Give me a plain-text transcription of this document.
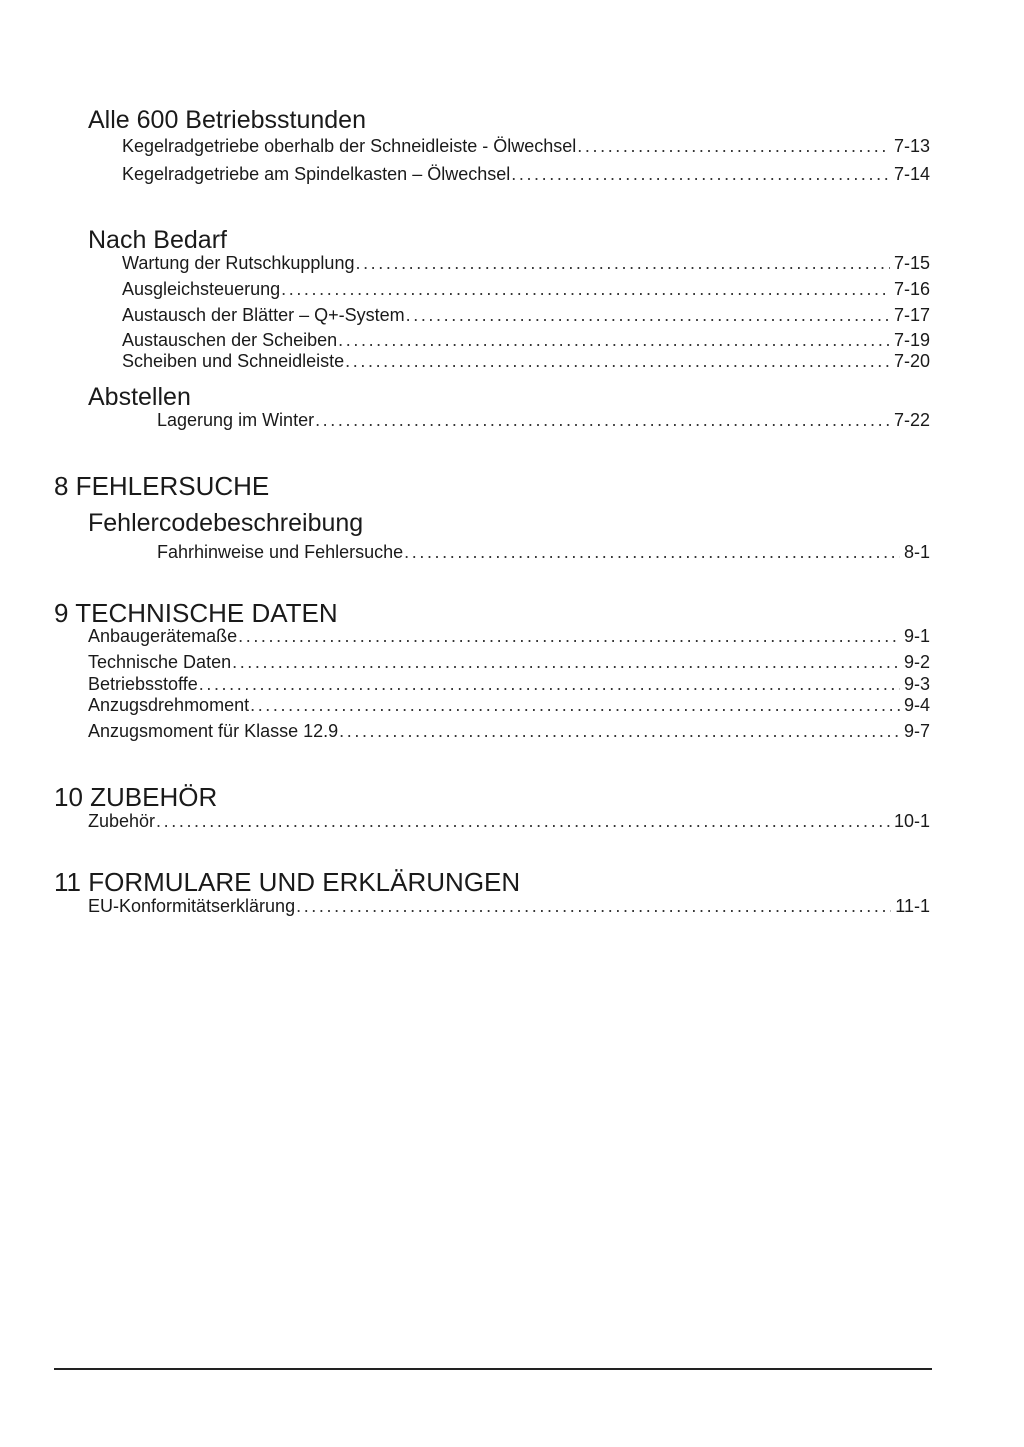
Alle 600 Betriebsstunden
Kegelradgetriebe oberhalb der Schneidleiste - Ölwechsel . . .	7-13
Kegelradgetriebe am Spindelkasten – Ölwechsel . . .	7-14
Nach Bedarf
Wartung der Rutschkupplung . . .	7-15
Ausgleichsteuerung . . .	7-16
Austausch der Blätter – Q+-System . . .	7-17
Austauschen der Scheiben . . .	7-19
Scheiben und Schneidleiste . . .	7-20
Abstellen
Lagerung im Winter . . .	7-22
8 FEHLERSUCHE
Fehlercodebeschreibung
Fahrhinweise und Fehlersuche . . .	8-1
9 TECHNISCHE DATEN
Anbaugerätemaße . . .	9-1
Technische Daten . . .	9-2
Betriebsstoffe . . .	9-3
Anzugsdrehmoment . . .	9-4
Anzugsmoment für Klasse 12.9 . . .	9-7
10 ZUBEHÖR
Zubehör . . .	10-1
11 FORMULARE UND ERKLÄRUNGEN
EU-Konformitätserklärung . . .	11-1
